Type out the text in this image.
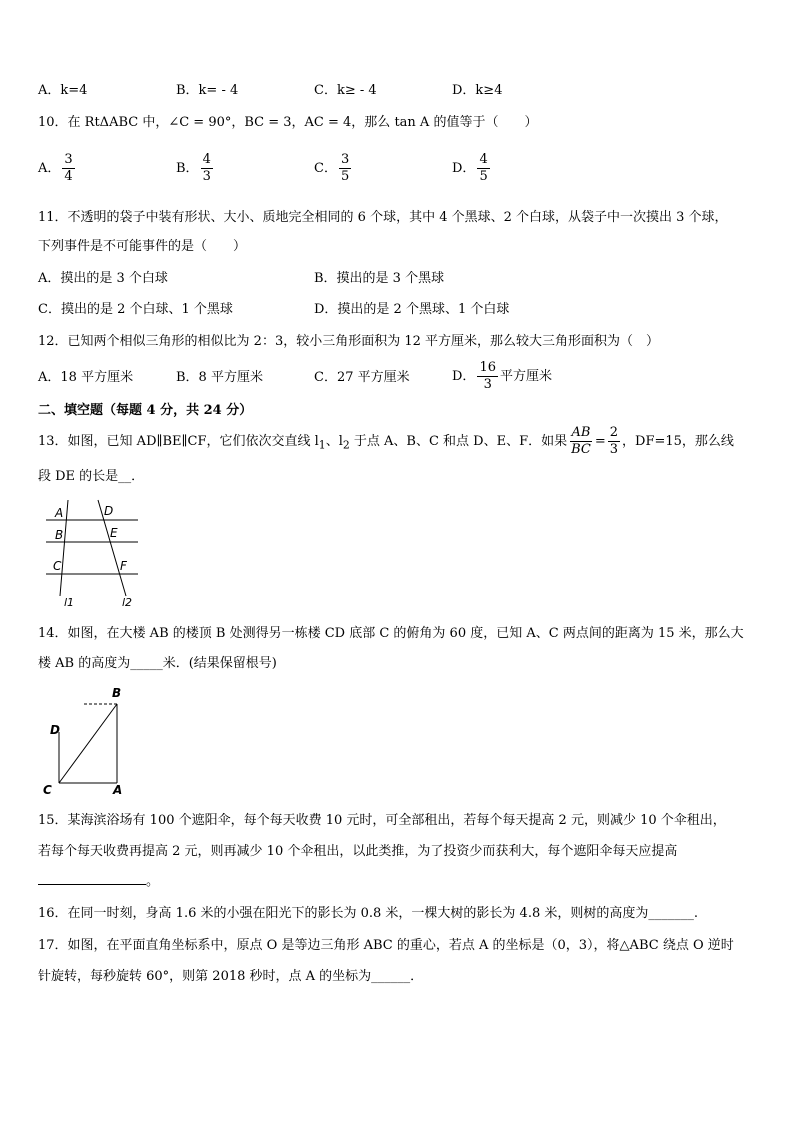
A．k=4	B．k= - 4	C．k≥ - 4	D．k≥4
10．在 RtΔABC 中，∠C = 90°，BC = 3，AC = 4，那么 tan A 的值等于（　　）
A． $\frac{3}{4}$	B． $\frac{4}{3}$	C． $\frac{3}{5}$	D． $\frac{4}{5}$
11．不透明的袋子中装有形状、大小、质地完全相同的 6 个球，其中 4 个黑球、2 个白球，从袋子中一次摸出 3 个球，
下列事件是不可能事件的是（　　）
A．摸出的是 3 个白球	B．摸出的是 3 个黑球
C．摸出的是 2 个白球、1 个黑球	D．摸出的是 2 个黑球、1 个白球
12．已知两个相似三角形的相似比为 2：3，较小三角形面积为 12 平方厘米，那么较大三角形面积为（　）
A．18 平方厘米	B．8 平方厘米	C．27 平方厘米	D． $\frac{16}{3}$ 平方厘米
二、填空题（每题 4 分，共 24 分）
13．如图，已知 AD∥BE∥CF，它们依次交直线 $l_1$、$l_2$ 于点 A、B、C 和点 D、E、F．如果 $\frac{AB}{BC} = \frac{2}{3}$ ，DF=15，那么线
段 DE 的长是__．
A	D
B	E
C	F
l1	l2
14．如图，在大楼 AB 的楼顶 B 处测得另一栋楼 CD 底部 C 的俯角为 60 度，已知 A、C 两点间的距离为 15 米，那么大
楼 AB 的高度为_____米．(结果保留根号)
B
D
C	A
15．某海滨浴场有 100 个遮阳伞，每个每天收费 10 元时，可全部租出，若每个每天提高 2 元，则减少 10 个伞租出，
若每个每天收费再提高 2 元，则再减少 10 个伞租出，以此类推，为了投资少而获利大，每个遮阳伞每天应提高
。
16．在同一时刻，身高 1.6 米的小强在阳光下的影长为 0.8 米，一棵大树的影长为 4.8 米，则树的高度为_______.
17．如图，在平面直角坐标系中，原点 O 是等边三角形 ABC 的重心，若点 A 的坐标是（0，3），将△ABC 绕点 O 逆时
针旋转，每秒旋转 60°，则第 2018 秒时，点 A 的坐标为______．
